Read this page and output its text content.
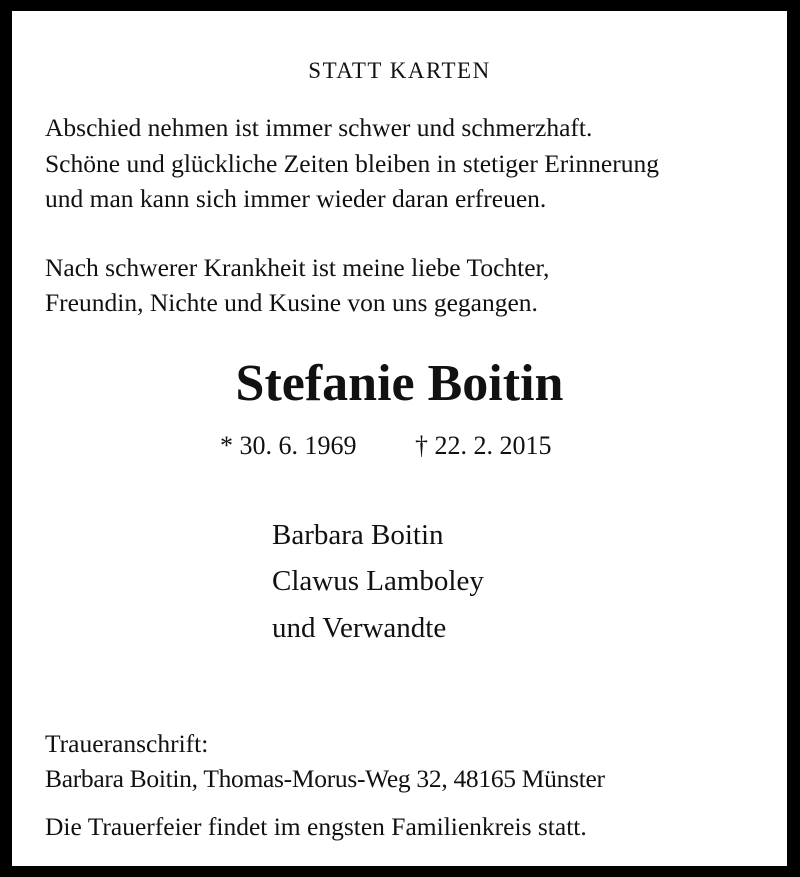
STATT KARTEN
Abschied nehmen ist immer schwer und schmerzhaft.
Schöne und glückliche Zeiten bleiben in stetiger Erinnerung
und man kann sich immer wieder daran erfreuen.
Nach schwerer Krankheit ist meine liebe Tochter,
Freundin, Nichte und Kusine von uns gegangen.
Stefanie Boitin
* 30. 6. 1969 † 22. 2. 2015
Barbara Boitin
Clawus Lamboley
und Verwandte
Traueranschrift:
Barbara Boitin, Thomas-Morus-Weg 32, 48165 Münster
Die Trauerfeier findet im engsten Familienkreis statt.
